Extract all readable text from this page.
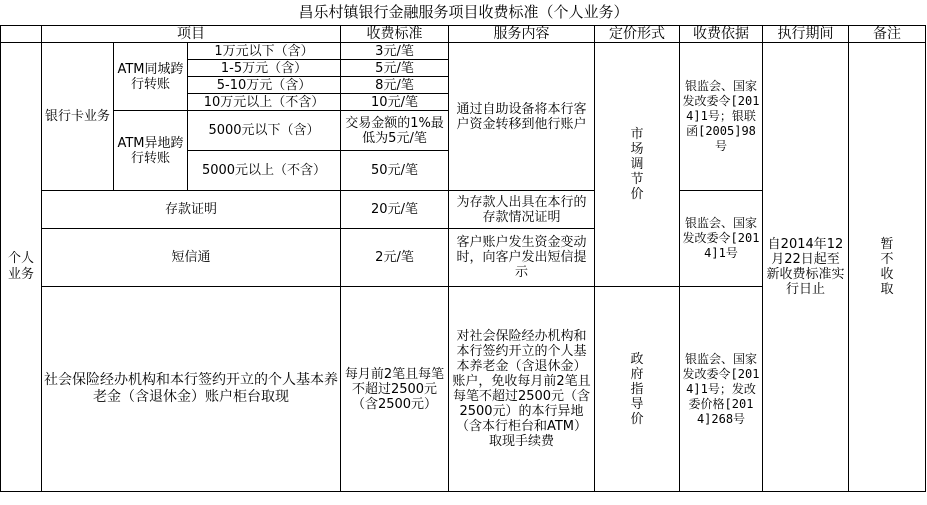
昌乐村镇银行金融服务项目收费标准（个人业务）
	项目			收费标准	服务内容	定价形式	收费依据	执行期间	备注
个人业务	银行卡业务	ATM同城跨行转账	1万元以下（含）	3元/笔	通过自助设备将本行客户资金转移到他行账户	市场调节价	银监会、国家发改委令[2014]1号；银联函[2005]98号	自2014年12月22日起至新收费标准实行日止	暂不收取
			1-5万元（含）	5元/笔					
			5-10万元（含）	8元/笔					
			10万元以上（不含）	10元/笔					
		ATM异地跨行转账	5000元以下（含）	交易金额的1%最低为5元/笔					
			5000元以上（不含）	50元/笔					
	存款证明			20元/笔	为存款人出具在本行的存款情况证明		银监会、国家发改委令[2014]1号		
	短信通			2元/笔	客户账户发生资金变动时，向客户发出短信提示				
	社会保险经办机构和本行签约开立的个人基本养老金（含退休金）账户柜台取现			每月前2笔且每笔不超过2500元（含2500元）	对社会保险经办机构和本行签约开立的个人基本养老金（含退休金）账户，免收每月前2笔且每笔不超过2500元（含2500元）的本行异地（含本行柜台和ATM）取现手续费	政府指导价	银监会、国家发改委令[2014]1号；发改委价格[2014]268号		
